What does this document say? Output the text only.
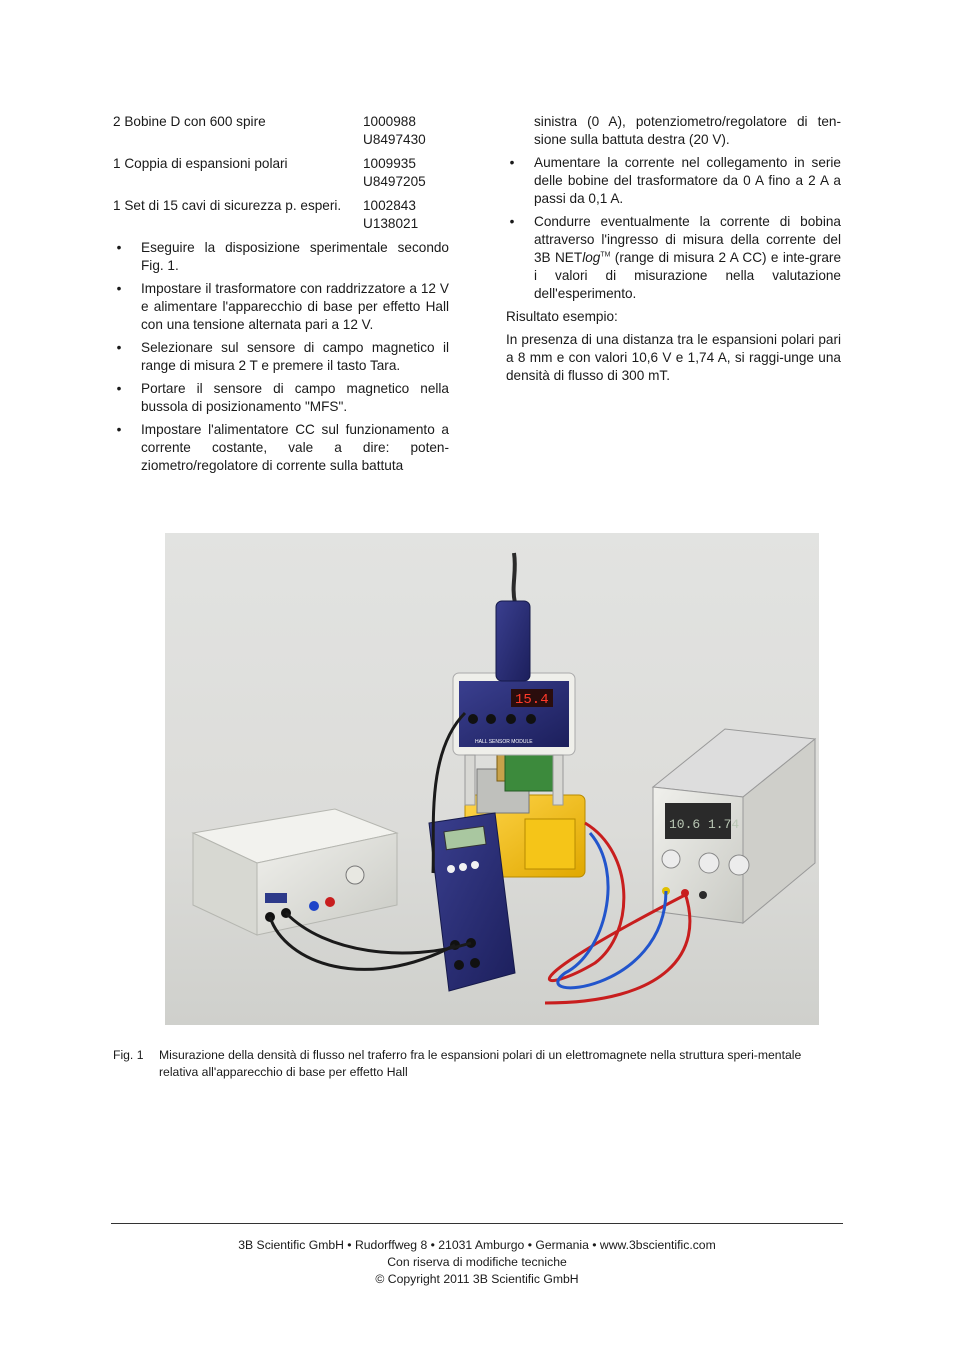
2 Bobine D con 600 spire	1000988
U8497430
1 Coppia di espansioni polari	1009935
U8497205
1 Set di 15 cavi di sicurezza p. esperi.	1002843
U138021
• Eseguire la disposizione sperimentale secondo Fig. 1.
• Impostare il trasformatore con raddrizzatore a 12 V e alimentare l'apparecchio di base per effetto Hall con una tensione alternata pari a 12 V.
• Selezionare sul sensore di campo magnetico il range di misura 2 T e premere il tasto Tara.
• Portare il sensore di campo magnetico nella bussola di posizionamento "MFS".
• Impostare l'alimentatore CC sul funzionamento a corrente costante, vale a dire: poten-ziometro/regolatore di corrente sulla battuta
sinistra (0 A), potenziometro/regolatore di ten-sione sulla battuta destra (20 V).
• Aumentare la corrente nel collegamento in serie delle bobine del trasformatore da 0 A fino a 2 A a passi da 0,1 A.
• Condurre eventualmente la corrente di bobina attraverso l'ingresso di misura della corrente del 3B NETlog™ (range di misura 2 A CC) e inte-grare i valori di misurazione nella valutazione dell'esperimento.

Risultato esempio:

In presenza di una distanza tra le espansioni polari pari a 8 mm e con valori 10,6 V e 1,74 A, si raggi-unge una densità di flusso di 300 mT.

10.6 1.74
15.4
HALL SENSOR MODULE
Fig. 1	Misurazione della densità di flusso nel traferro fra le espansioni polari di un elettromagnete nella struttura speri-mentale relativa all'apparecchio di base per effetto Hall
3B Scientific GmbH • Rudorffweg 8 • 21031 Amburgo • Germania • www.3bscientific.com
Con riserva di modifiche tecniche
© Copyright 2011 3B Scientific GmbH
